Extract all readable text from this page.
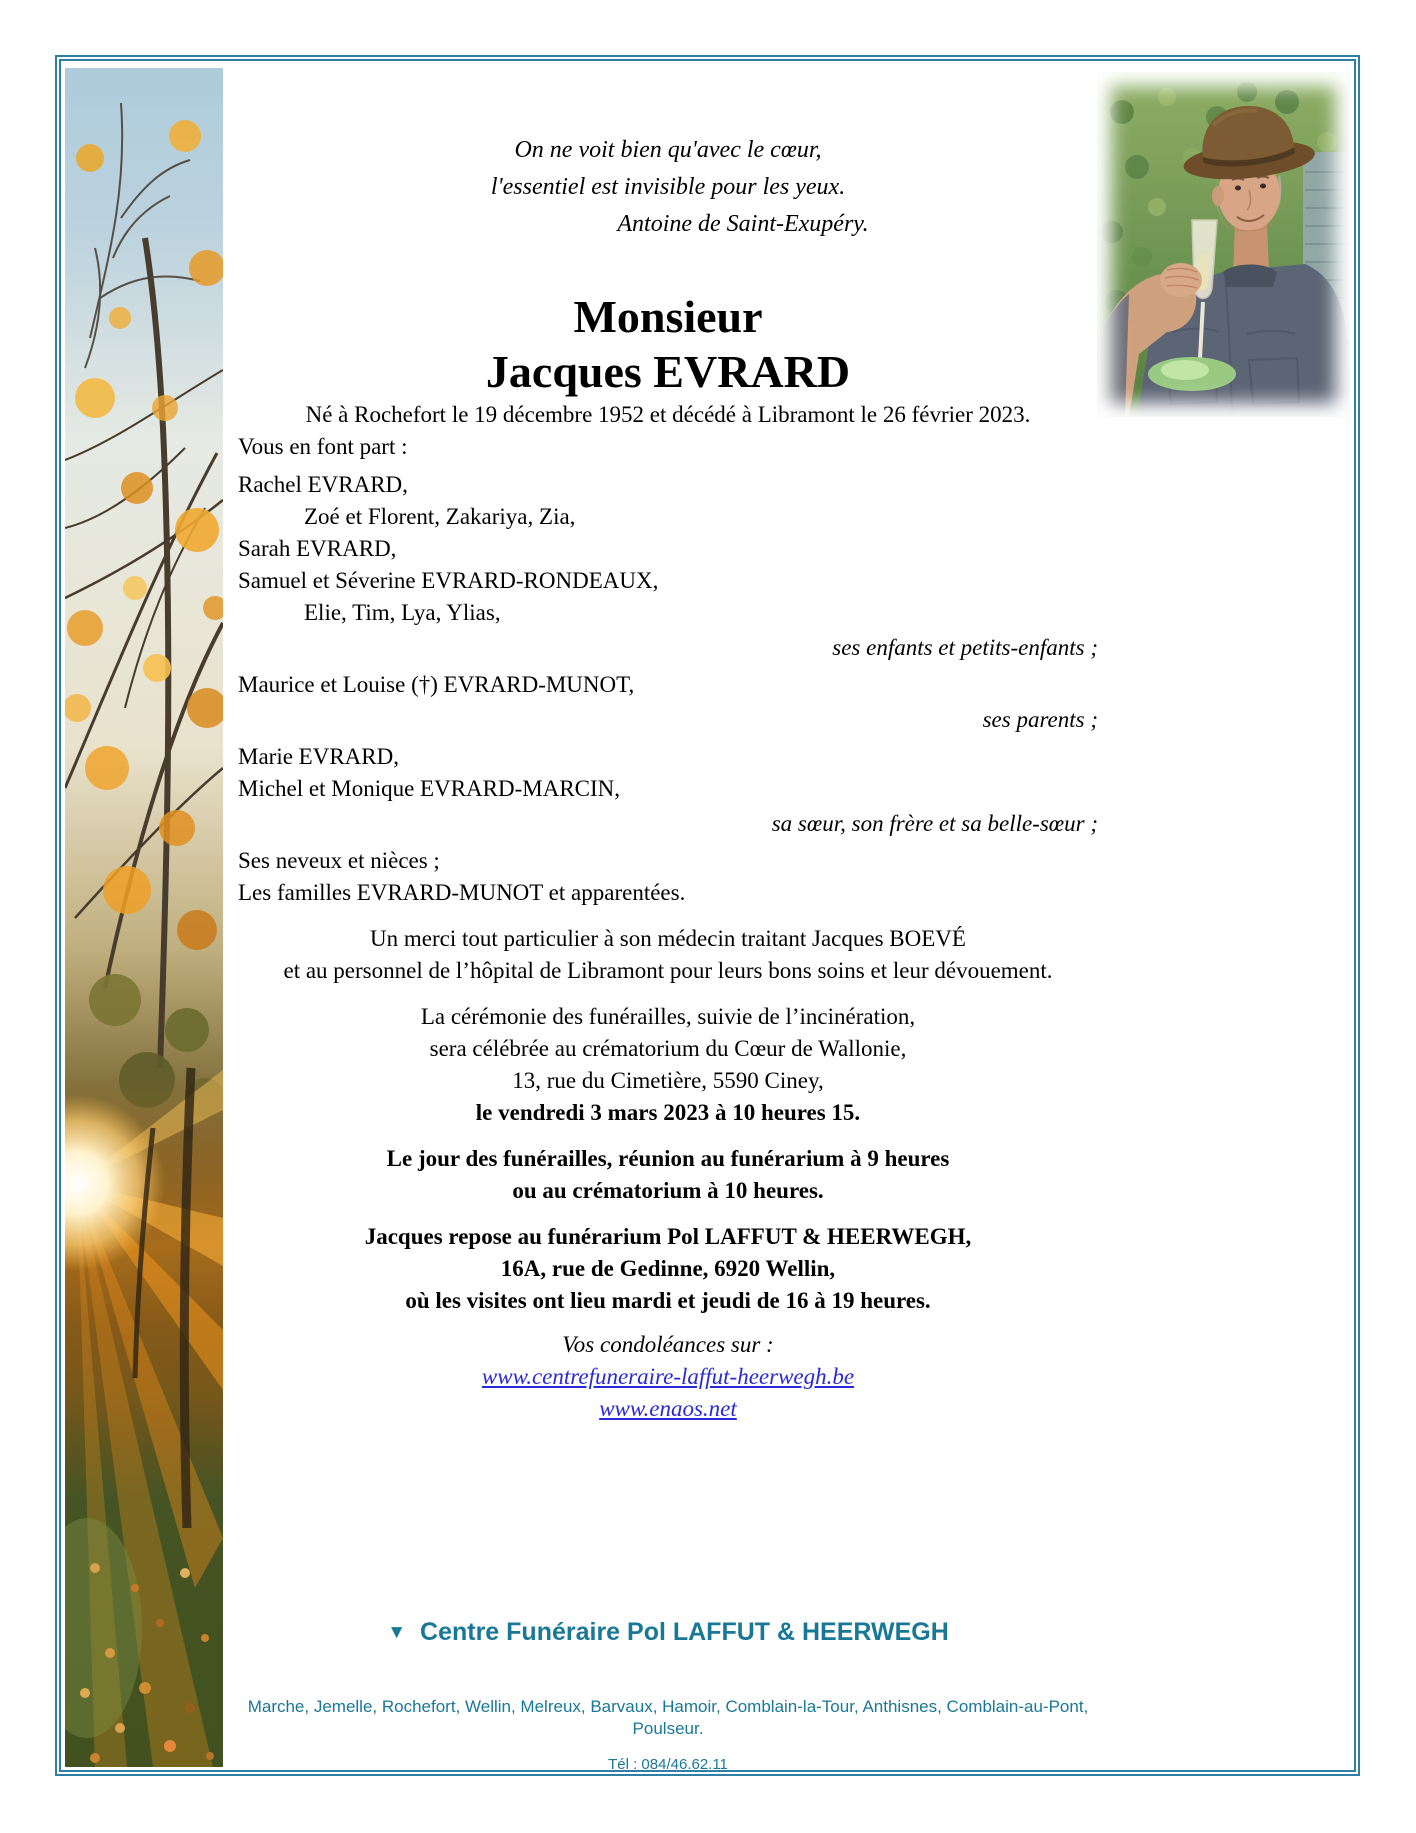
On ne voit bien qu'avec le cœur,

l'essentiel est invisible pour les yeux.

Antoine de Saint-Exupéry.

Monsieur
Jacques EVRARD

Né à Rochefort le 19 décembre 1952 et décédé à Libramont le 26 février 2023.

Vous en font part :

Rachel EVRARD,

Zoé et Florent, Zakariya, Zia,

Sarah EVRARD,

Samuel et Séverine EVRARD-RONDEAUX,

Elie, Tim, Lya, Ylias,

ses enfants et petits-enfants ;

Maurice et Louise (†) EVRARD-MUNOT,

ses parents ;

Marie EVRARD,

Michel et Monique EVRARD-MARCIN,

sa sœur, son frère et sa belle-sœur ;

Ses neveux et nièces ;

Les familles EVRARD-MUNOT et apparentées.

Un merci tout particulier à son médecin traitant Jacques BOEVÉ

et au personnel de l’hôpital de Libramont pour leurs bons soins et leur dévouement.

La cérémonie des funérailles, suivie de l’incinération,

sera célébrée au crématorium du Cœur de Wallonie,

13, rue du Cimetière, 5590 Ciney,

le vendredi 3 mars 2023 à 10 heures 15.

Le jour des funérailles, réunion au funérarium à 9 heures

ou au crématorium à 10 heures.

Jacques repose au funérarium Pol LAFFUT & HEERWEGH,

16A, rue de Gedinne, 6920 Wellin,

où les visites ont lieu mardi et jeudi de 16 à 19 heures.

Vos condoléances sur :

www.centrefuneraire-laffut-heerwegh.be
www.enaos.net
▼ Centre Funéraire Pol LAFFUT & HEERWEGH

Marche, Jemelle, Rochefort, Wellin, Melreux, Barvaux, Hamoir, Comblain-la-Tour, Anthisnes, Comblain-au-Pont, Poulseur.

Tél : 084/46.62.11
